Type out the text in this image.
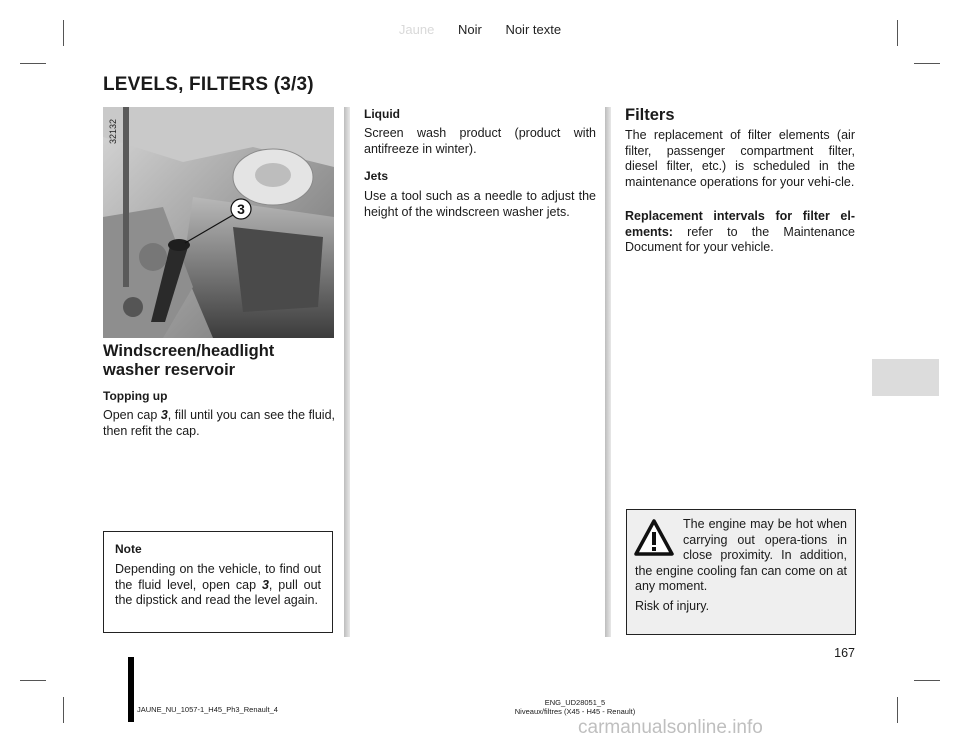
Jaune Noir Noir texte
LEVELS, FILTERS (3/3)
3
32132
Windscreen/headlight washer reservoir
Topping up
Open cap 3, fill until you can see the fluid, then refit the cap.
Note
Depending on the vehicle, to find out the fluid level, open cap 3, pull out the dipstick and read the level again.
Liquid
Screen wash product (product with antifreeze in winter).
Jets
Use a tool such as a needle to adjust the height of the windscreen washer jets.
Filters
The replacement of filter elements (air filter, passenger compartment filter, diesel filter, etc.) is scheduled in the maintenance operations for your vehi-cle.
Replacement intervals for filter el-ements: refer to the Maintenance Document for your vehicle.
The engine may be hot when carrying out opera-tions in close proximity. In addition, the engine cooling fan can come on at any moment.
Risk of injury.
167
JAUNE_NU_1057-1_H45_Ph3_Renault_4
ENG_UD28051_5
Niveaux/filtres (X45 - H45 - Renault)
carmanualsonline.info
